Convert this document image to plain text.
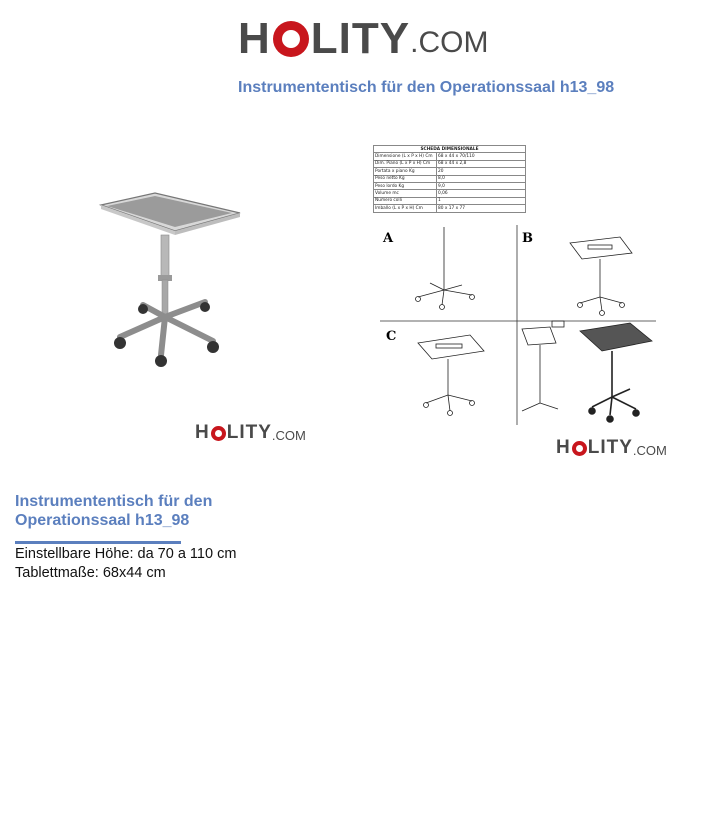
H LITY .COM
Instrumententisch für den Operationssaal h13_98
H LITY .COM
SCHEDA DIMENSIONALE	
Dimensione (L x P x H) Cm	68 x 44 x 70/110
Dim. Piano (L x P x H) Cm	68 x 44 x 2,8
Portata x piano Kg	20
Peso netto Kg	8,0
Peso lordo Kg	9,0
Volume mc	0,06
Numero colli	1
Imballo (L x P x H) Cm	80 x 17 x 77
A	B
C
H LITY .COM
Instrumententisch für den Operationssaal h13_98
Einstellbare Höhe: da 70 a 110 cm
Tablettmaße: 68x44 cm
